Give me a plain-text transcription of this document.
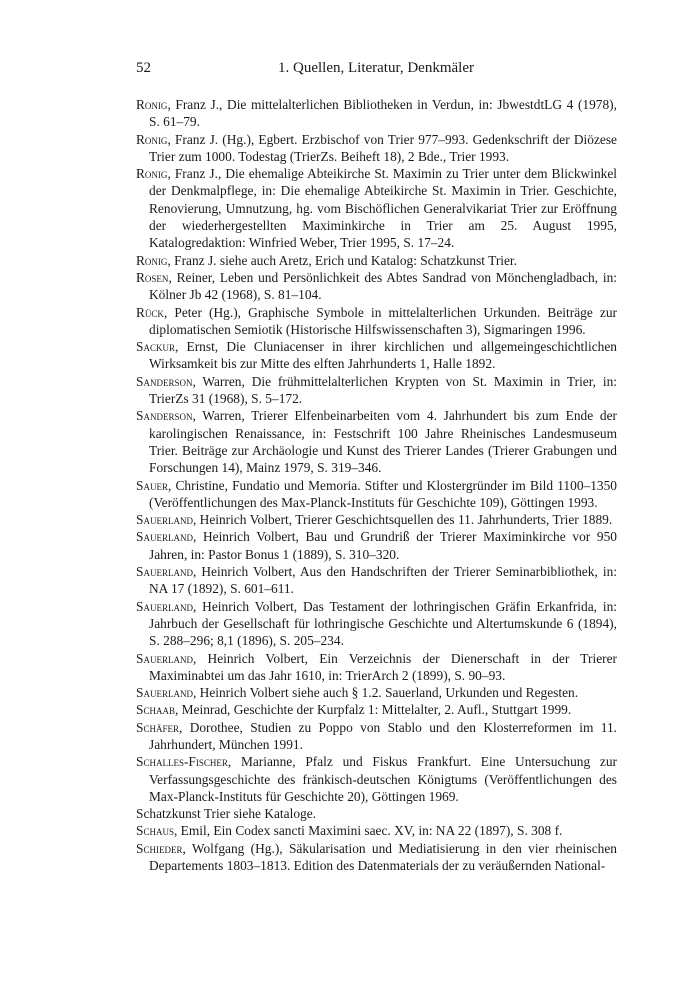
52	1. Quellen, Literatur, Denkmäler

Ronig, Franz J., Die mittelalterlichen Bibliotheken in Verdun, in: JbwestdtLG 4 (1978), S. 61–79.

Ronig, Franz J. (Hg.), Egbert. Erzbischof von Trier 977–993. Gedenkschrift der Diözese Trier zum 1000. Todestag (TrierZs. Beiheft 18), 2 Bde., Trier 1993.

Ronig, Franz J., Die ehemalige Abteikirche St. Maximin zu Trier unter dem Blickwinkel der Denkmalpflege, in: Die ehemalige Abteikirche St. Maximin in Trier. Geschichte, Renovierung, Umnutzung, hg. vom Bischöflichen Generalvikariat Trier zur Eröffnung der wiederhergestellten Maximinkirche in Trier am 25. August 1995, Katalogredaktion: Winfried Weber, Trier 1995, S. 17–24.

Ronig, Franz J. siehe auch Aretz, Erich und Katalog: Schatzkunst Trier.

Rosen, Reiner, Leben und Persönlichkeit des Abtes Sandrad von Mönchengladbach, in: Kölner Jb 42 (1968), S. 81–104.

Rück, Peter (Hg.), Graphische Symbole in mittelalterlichen Urkunden. Beiträge zur diplomatischen Semiotik (Historische Hilfswissenschaften 3), Sigmaringen 1996.

Sackur, Ernst, Die Cluniacenser in ihrer kirchlichen und allgemeingeschichtlichen Wirksamkeit bis zur Mitte des elften Jahrhunderts 1, Halle 1892.

Sanderson, Warren, Die frühmittelalterlichen Krypten von St. Maximin in Trier, in: TrierZs 31 (1968), S. 5–172.

Sanderson, Warren, Trierer Elfenbeinarbeiten vom 4. Jahrhundert bis zum Ende der karolingischen Renaissance, in: Festschrift 100 Jahre Rheinisches Landesmuseum Trier. Beiträge zur Archäologie und Kunst des Trierer Landes (Trierer Grabungen und Forschungen 14), Mainz 1979, S. 319–346.

Sauer, Christine, Fundatio und Memoria. Stifter und Klostergründer im Bild 1100–1350 (Veröffentlichungen des Max-Planck-Instituts für Geschichte 109), Göttingen 1993.

Sauerland, Heinrich Volbert, Trierer Geschichtsquellen des 11. Jahrhunderts, Trier 1889.

Sauerland, Heinrich Volbert, Bau und Grundriß der Trierer Maximinkirche vor 950 Jahren, in: Pastor Bonus 1 (1889), S. 310–320.

Sauerland, Heinrich Volbert, Aus den Handschriften der Trierer Seminarbibliothek, in: NA 17 (1892), S. 601–611.

Sauerland, Heinrich Volbert, Das Testament der lothringischen Gräfin Erkanfrida, in: Jahrbuch der Gesellschaft für lothringische Geschichte und Altertumskunde 6 (1894), S. 288–296; 8,1 (1896), S. 205–234.

Sauerland, Heinrich Volbert, Ein Verzeichnis der Dienerschaft in der Trierer Maximinabtei um das Jahr 1610, in: TrierArch 2 (1899), S. 90–93.

Sauerland, Heinrich Volbert siehe auch § 1.2. Sauerland, Urkunden und Regesten.

Schaab, Meinrad, Geschichte der Kurpfalz 1: Mittelalter, 2. Aufl., Stuttgart 1999.

Schäfer, Dorothee, Studien zu Poppo von Stablo und den Klosterreformen im 11. Jahrhundert, München 1991.

Schalles-Fischer, Marianne, Pfalz und Fiskus Frankfurt. Eine Untersuchung zur Verfassungsgeschichte des fränkisch-deutschen Königtums (Veröffentlichungen des Max-Planck-Instituts für Geschichte 20), Göttingen 1969.

Schatzkunst Trier siehe Kataloge.

Schaus, Emil, Ein Codex sancti Maximini saec. XV, in: NA 22 (1897), S. 308 f.

Schieder, Wolfgang (Hg.), Säkularisation und Mediatisierung in den vier rheinischen Departements 1803–1813. Edition des Datenmaterials der zu veräußernden National-
